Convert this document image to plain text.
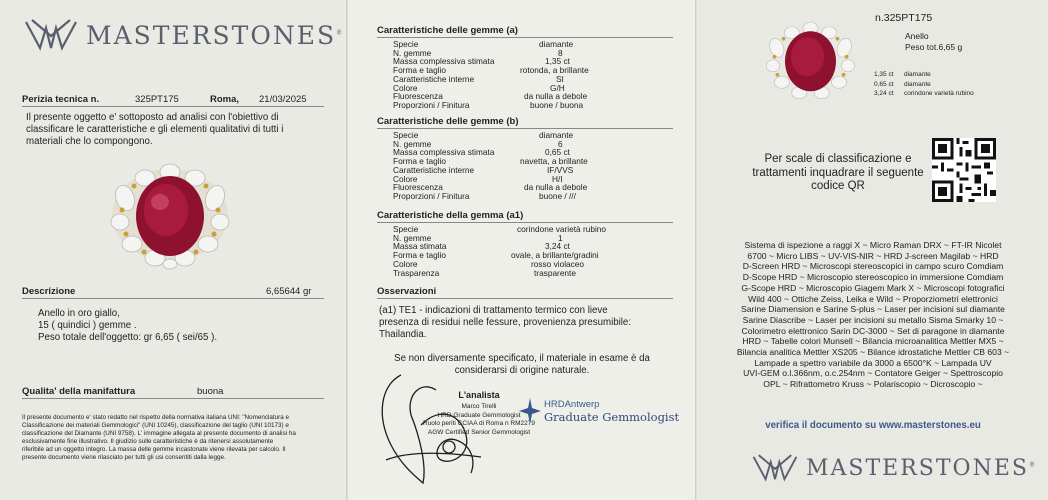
MASTERSTONES®
Perizia tecnica n.	325PT175	Roma, 21/03/2025
Il presente oggetto e' sottoposto ad analisi con l'obiettivo di
classificare le caratteristiche e gli elementi qualitativi di tutti i
materiali che lo compongono.
Descrizione	6,65644 gr
Anello in oro giallo,
15 ( quindici ) gemme .
Peso totale dell'oggetto: gr 6,65 ( sei/65 ).
Qualita' della manifattura	buona
Il presente documento e' stato redatto nel rispetto della normativa italiana UNI: "Nomenclatura e
Classificazione dei materiali Gemmologici" (UNI 10245), classificazione del taglio (UNI 10173) e
classificazione del Diamante (UNI 9758). L' immagine allegata al presente documento di analisi ha
esclusivamente fine illustrativo. Il giudizio sulle caratteristiche è da ritenersi assolutamente
riferibile ad un oggetto integro. La massa delle gemme incastonate viene rilevata per calcolo. Il
presente documento viene rilasciato per tutti gli usi consentiti dalla legge.
Caratteristiche delle gemme (a)
Specie	diamante
N. gemme	8
Massa complessiva stimata	1,35 ct
Forma e taglio	rotonda, a brillante
Caratteristiche interne	SI
Colore	G/H
Fluorescenza	da nulla a debole
Proporzioni / Finitura	buone / buona
Caratteristiche delle gemme (b)
Specie	diamante
N. gemme	6
Massa complessiva stimata	0,65 ct
Forma e taglio	navetta, a brillante
Caratteristiche interne	IF/VVS
Colore	H/I
Fluorescenza	da nulla a debole
Proporzioni / Finitura	buone / ///
Caratteristiche della gemma (a1)
Specie	corindone varietà rubino
N. gemme	1
Massa stimata	3,24 ct
Forma e taglio	ovale, a brillante/gradini
Colore	rosso violaceo
Trasparenza	trasparente
Osservazioni
(a1) TE1 - indicazioni di trattamento termico con lieve
presenza di residui nelle fessure, provenienza presumibile:
Thailandia.
Se non diversamente specificato, il materiale in esame è da
considerarsi di origine naturale.
L'analista
Marco Tirelli
HRD Graduate Gemmologist
Ruolo periti CCIAA di Roma n RM2279
AGW Certified Senior Gemmologist
HRDAntwerp
Graduate Gemmologist
n.325PT175
Anello
Peso tot.6,65 g
1,35 ct	diamante
0,65 ct	diamante
3,24 ct	corindone varietà rubino
Per scale di classificazione e
trattamenti inquadrare il seguente
codice QR
Sistema di ispezione a raggi X ~ Micro Raman DRX ~ FT-IR Nicolet
6700 ~ Micro LIBS ~ UV-VIS-NIR ~ HRD J-screen Magilab ~ HRD
D-Screen HRD ~ Microscopi stereoscopici in campo scuro Comdiam
D-Scope HRD ~ Microscopio stereoscopico in immersione Comdiam
G-Scope HRD ~ Microscopio Giagem Mark X ~ Microscopi fotografici
Wild 400 ~ Ottiche Zeiss, Leika e Wild ~ Proporziometri elettronici
Sarine Diamension e Sarine S-plus ~ Laser per incisioni sul diamante
Sarine Diascribe ~ Laser per incisioni su metallo Sisma Smarky 10 ~
Colorimetro elettronico Sarin DC-3000 ~ Set di paragone in diamante
HRD ~ Tabelle colori Munsell ~ Bilancia microanalitica Mettler MX5 ~
Bilancia analitica Mettler XS205 ~ Bilance idrostatiche Mettler CB 603 ~
Lampade a spettro variabile da 3000 a 6500°K ~ Lampada UV
UVI-GEM o.l.366nm, o.c.254nm ~ Contatore Geiger ~ Spettroscopio
OPL ~ Rifrattometro Kruss ~ Polariscopio ~ Dicroscopio ~
verifica il documento su www.masterstones.eu
MASTERSTONES®
